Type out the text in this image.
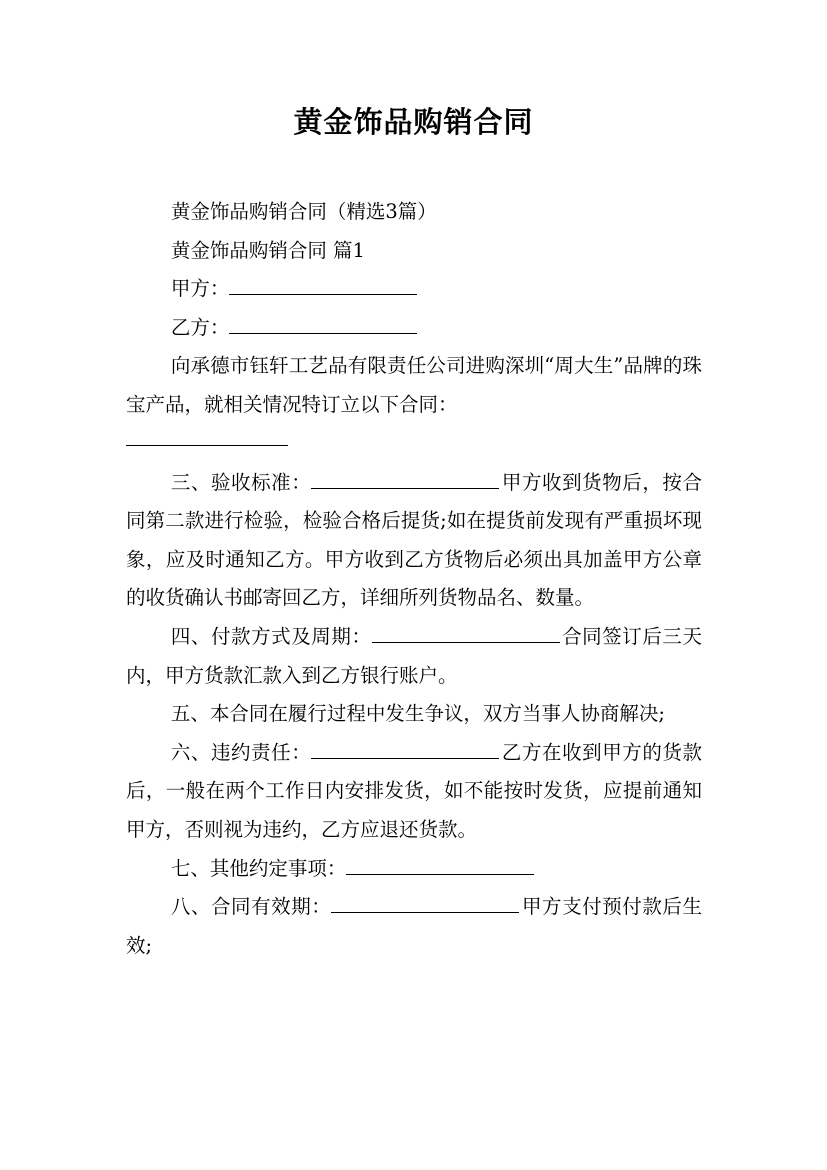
黄金饰品购销合同

黄金饰品购销合同（精选3篇）

黄金饰品购销合同 篇1

甲方：

乙方：

向承德市钰轩工艺品有限责任公司进购深圳“周大生”品牌的珠宝产品，就相关情况特订立以下合同：

三、验收标准：	甲方收到货物后，按合同第二款进行检验，检验合格后提货;如在提货前发现有严重损坏现象，应及时通知乙方。甲方收到乙方货物后必须出具加盖甲方公章的收货确认书邮寄回乙方，详细所列货物品名、数量。

四、付款方式及周期：	合同签订后三天内，甲方货款汇款入到乙方银行账户。

五、本合同在履行过程中发生争议，双方当事人协商解决;

六、违约责任：	乙方在收到甲方的货款后，一般在两个工作日内安排发货，如不能按时发货，应提前通知甲方，否则视为违约，乙方应退还货款。

七、其他约定事项：

八、合同有效期：	甲方支付预付款后生效;
